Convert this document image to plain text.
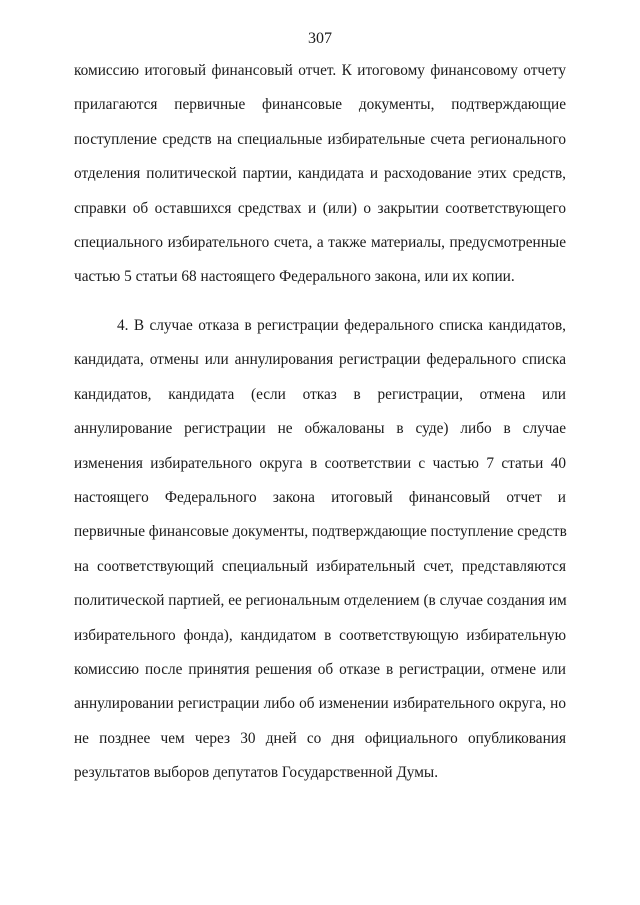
307
комиссию итоговый финансовый отчет. К итоговому финансовому отчету
прилагаются первичные финансовые документы, подтверждающие
поступление средств на специальные избирательные счета регионального
отделения политической партии, кандидата и расходование этих средств,
справки об оставшихся средствах и (или) о закрытии соответствующего
специального избирательного счета, а также материалы, предусмотренные
частью 5 статьи 68 настоящего Федерального закона, или их копии.
4. В случае отказа в регистрации федерального списка кандидатов,
кандидата, отмены или аннулирования регистрации федерального списка
кандидатов, кандидата (если отказ в регистрации, отмена или
аннулирование регистрации не обжалованы в суде) либо в случае
изменения избирательного округа в соответствии с частью 7 статьи 40
настоящего Федерального закона итоговый финансовый отчет и
первичные финансовые документы, подтверждающие поступление средств
на соответствующий специальный избирательный счет, представляются
политической партией, ее региональным отделением (в случае создания им
избирательного фонда), кандидатом в соответствующую избирательную
комиссию после принятия решения об отказе в регистрации, отмене или
аннулировании регистрации либо об изменении избирательного округа, но
не позднее чем через 30 дней со дня официального опубликования
результатов выборов депутатов Государственной Думы.
